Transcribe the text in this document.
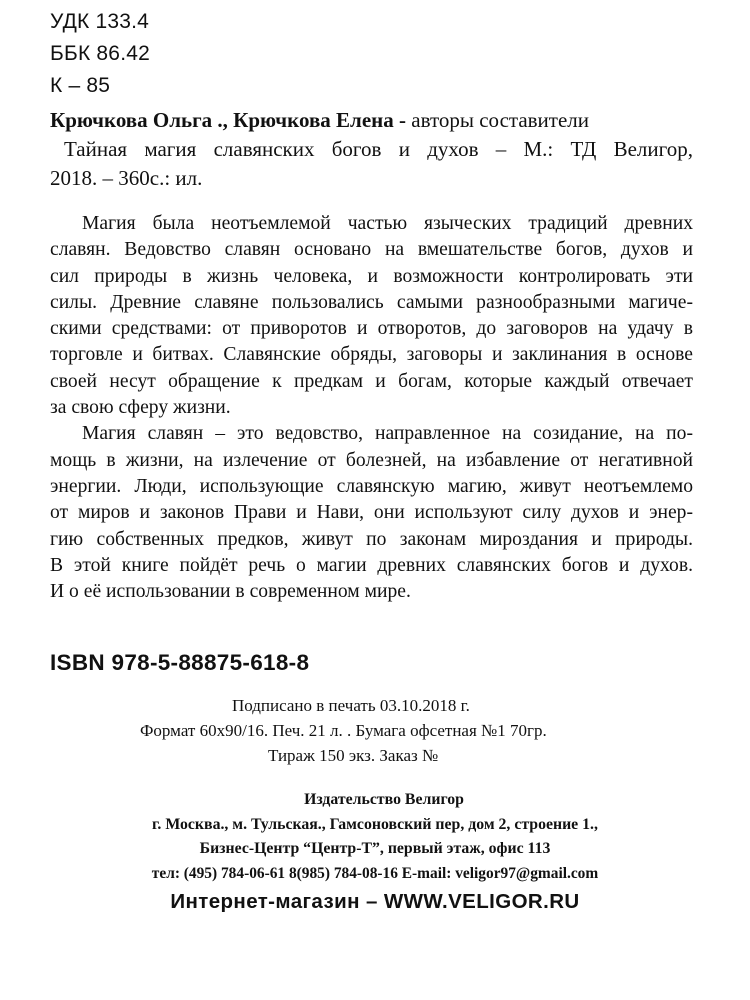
УДК 133.4
ББК 86.42
К – 85
Крючкова Ольга ., Крючкова Елена - авторы составители
Тайная магия славянских богов и духов – М.: ТД Велигор,
2018. – 360с.: ил.

Магия была неотъемлемой частью языческих традиций древних
славян. Ведовство славян основано на вмешательстве богов, духов и
сил природы в жизнь человека, и возможности контролировать эти
силы. Древние славяне пользовались самыми разнообразными магиче-
скими средствами: от приворотов и отворотов, до заговоров на удачу в
торговле и битвах. Славянские обряды, заговоры и заклинания в основе
своей несут обращение к предкам и богам, которые каждый отвечает
за свою сферу жизни.

Магия славян – это ведовство, направленное на созидание, на по-
мощь в жизни, на излечение от болезней, на избавление от негативной
энергии. Люди, использующие славянскую магию, живут неотъемлемо
от миров и законов Прави и Нави, они используют силу духов и энер-
гию собственных предков, живут по законам мироздания и природы.
В этой книге пойдёт речь о магии древних славянских богов и духов.
И о её использовании в современном мире.

ISBN 978-5-88875-618-8
Подписано в печать 03.10.2018 г.
Формат 60х90/16. Печ. 21 л. . Бумага офсетная №1 70гр.
Тираж 150 экз. Заказ №
Издательство Велигор
г. Москва., м. Тульская., Гамсоновский пер, дом 2, строение 1.,
Бизнес-Центр “Центр-Т”, первый этаж, офис 113
тел: (495) 784-06-61 8(985) 784-08-16 E-mail: veligor97@gmail.com
Интернет-магазин – WWW.VELIGOR.RU
